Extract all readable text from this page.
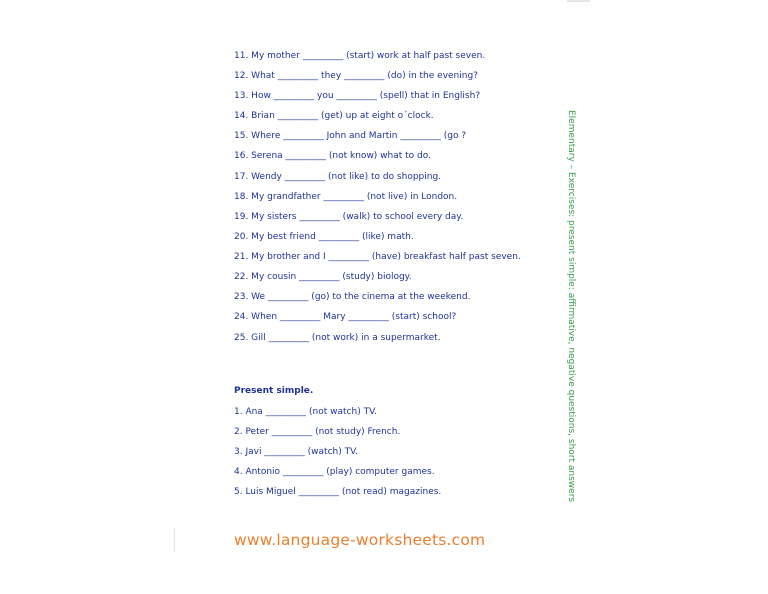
11. My mother _________ (start) work at half past seven.
12. What _________ they _________ (do) in the evening?
13. How _________ you _________ (spell) that in English?
14. Brian _________ (get) up at eight o´clock.
15. Where _________ John and Martin _________ (go ?
16. Serena _________ (not know) what to do.
17. Wendy _________ (not like) to do shopping.
18. My grandfather _________ (not live) in London.
19. My sisters _________ (walk) to school every day.
20. My best friend _________ (like) math.
21. My brother and I _________ (have) breakfast half past seven.
22. My cousin _________ (study) biology.
23. We _________ (go) to the cinema at the weekend.
24. When _________ Mary _________ (start) school?
25. Gill _________ (not work) in a supermarket.
Present simple.
1. Ana _________ (not watch) TV.
2. Peter _________ (not study) French.
3. Javi _________ (watch) TV.
4. Antonio _________ (play) computer games.
5. Luis Miguel _________ (not read) magazines.	Elementary – Exercises: present simple: affirmative, negative questions, short answers
www.language-worksheets.com
